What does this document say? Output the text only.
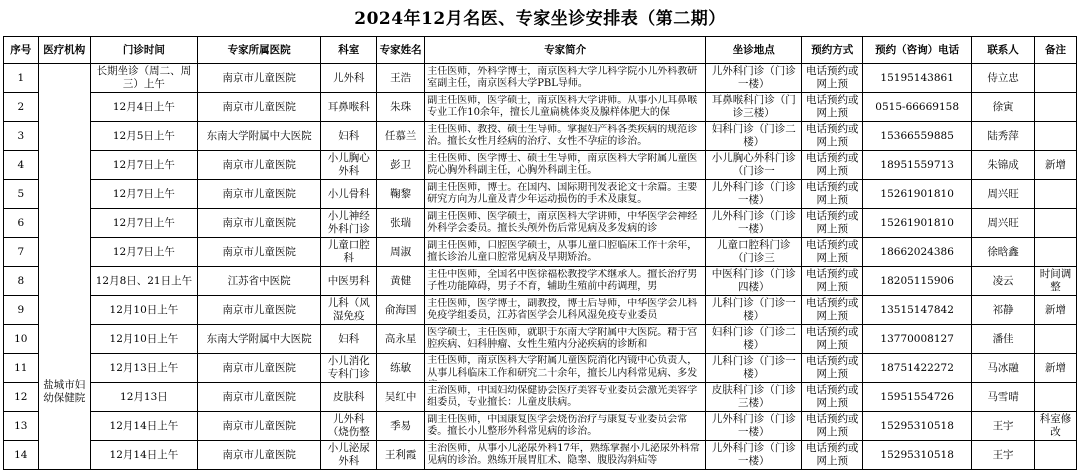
2024年12月名医、专家坐诊安排表（第二期）
序号	医疗机构	门诊时间	专家所属医院	科室	专家姓名	专家简介	坐诊地点	预约方式	预约（咨询）电话	联系人	备注

1	盐城市妇幼保健院	长期坐诊（周二、周三）上午	南京市儿童医院	儿外科	王浩	主任医师，外科学博士，南京医科大学儿科学院小儿外科教研室副主任，南京医科大学PBL导师。	儿外科门诊（门诊一楼）	电话预约或网上预	15195143861	侍立忠	

2		12月4日上午	南京市儿童医院	耳鼻喉科	朱珠	副主任医师，医学硕士，南京医科大学讲师。从事小儿耳鼻喉专业工作10余年，擅长儿童扁桃体炎及腺样体肥大的保	耳鼻喉科门诊（门诊三楼）	电话预约或网上预	0515-66669158	徐寅	

3		12月5日上午	东南大学附属中大医院	妇科	任慕兰	主任医师、教授、硕士生导师。掌握妇产科各类疾病的规范诊治。擅长女性月经病的治疗、女性不孕症的诊治。	妇科门诊（门诊二楼）	电话预约或网上预	15366559885	陆秀萍	

4		12月7日上午	南京市儿童医院	小儿胸心外科	彭卫	主任医师、医学博士、硕士生导师，南京医科大学附属儿童医院心胸外科副主任，心胸外科副主任。	小儿胸心外科门诊（门诊一	电话预约或网上预	18951559713	朱锦成	新增

5		12月7日上午	南京市儿童医院	小儿骨科	鞠黎	副主任医师，博士。在国内、国际期刊发表论文十余篇。主要研究方向为儿童及青少年运动损伤的手术及康复。	儿外科门诊（门诊一楼）	电话预约或网上预	15261901810	周兴旺	

6		12月7日上午	南京市儿童医院	小儿神经外科门诊	张瑞	副主任医师、医学硕士，南京医科大学讲师，中华医学会神经外科学会委员。擅长头颅外伤后常见病及多发病的诊	儿外科门诊（门诊一楼）	电话预约或网上预	15261901810	周兴旺	

7		12月7日上午	南京市儿童医院	儿童口腔科	周淑	副主任医师，口腔医学硕士，从事儿童口腔临床工作十余年，擅长诊治儿童口腔常见病及早期矫治。	儿童口腔科门诊（门诊三	电话预约或网上预	18662024386	徐晗鑫	

8		12月8日、21日上午	江苏省中医院	中医男科	黄健	主任中医师，全国名中医徐福松教授学术继承人。擅长治疗男子性功能障碍，男子不育，辅助生殖前中药调理，男	中医科门诊（门诊四楼）	电话预约或网上预	18205115906	凌云	时间调整

9		12月10日上午	南京市儿童医院	儿科（风湿免疫	俞海国	主任医师，医学博士，副教授，博士后导师，中华医学会儿科免疫学组委员，江苏省医学会儿科风湿免疫专业委员	儿科门诊（门诊一楼）	电话预约或网上预	13515147842	祁静	新增

10		12月10日上午	东南大学附属中大医院	妇科	高永星	医学硕士，主任医师，就职于东南大学附属中大医院。精于宫腔疾病、妇科肿瘤、女性生殖内分泌疾病的诊断和	妇科门诊（门诊二楼）	电话预约或网上预	13770008127	潘佳	

11		12月13日上午	南京市儿童医院	小儿消化专科门诊	练敏	主任医师，南京医科大学附属儿童医院消化内镜中心负责人，从事儿科临床工作和研究二十余年，擅长儿内科常见病、多发	儿科门诊（门诊一楼）	电话预约或网上预	18751422272	马冰融	新增

12		12月13日	南京市儿童医院	皮肤科	吴红中	主治医师，中国妇幼保健协会医疗美容专业委员会激光美容学组委员，专业擅长：儿童皮肤病。	皮肤科门诊（门诊三楼）	电话预约或网上预	15951554726	马雪晴	

13		12月14日上午	南京市儿童医院	儿外科（烧伤整	季易	副主任医师，中国康复医学会烧伤治疗与康复专业委员会常委。擅长小儿整形外科常见病的诊治。	儿外科门诊（门诊一楼）	电话预约或网上预	15295310518	王宇	科室修改

14		12月14日上午	南京市儿童医院	小儿泌尿外科	王利霞	主治医师，从事小儿泌尿外科17年，熟练掌握小儿泌尿外科常见病的诊治。熟练开展胃肛术、隐睾、腹股沟斜疝等	儿外科门诊（门诊一楼）	电话预约或网上预	15295310518	王宇	
